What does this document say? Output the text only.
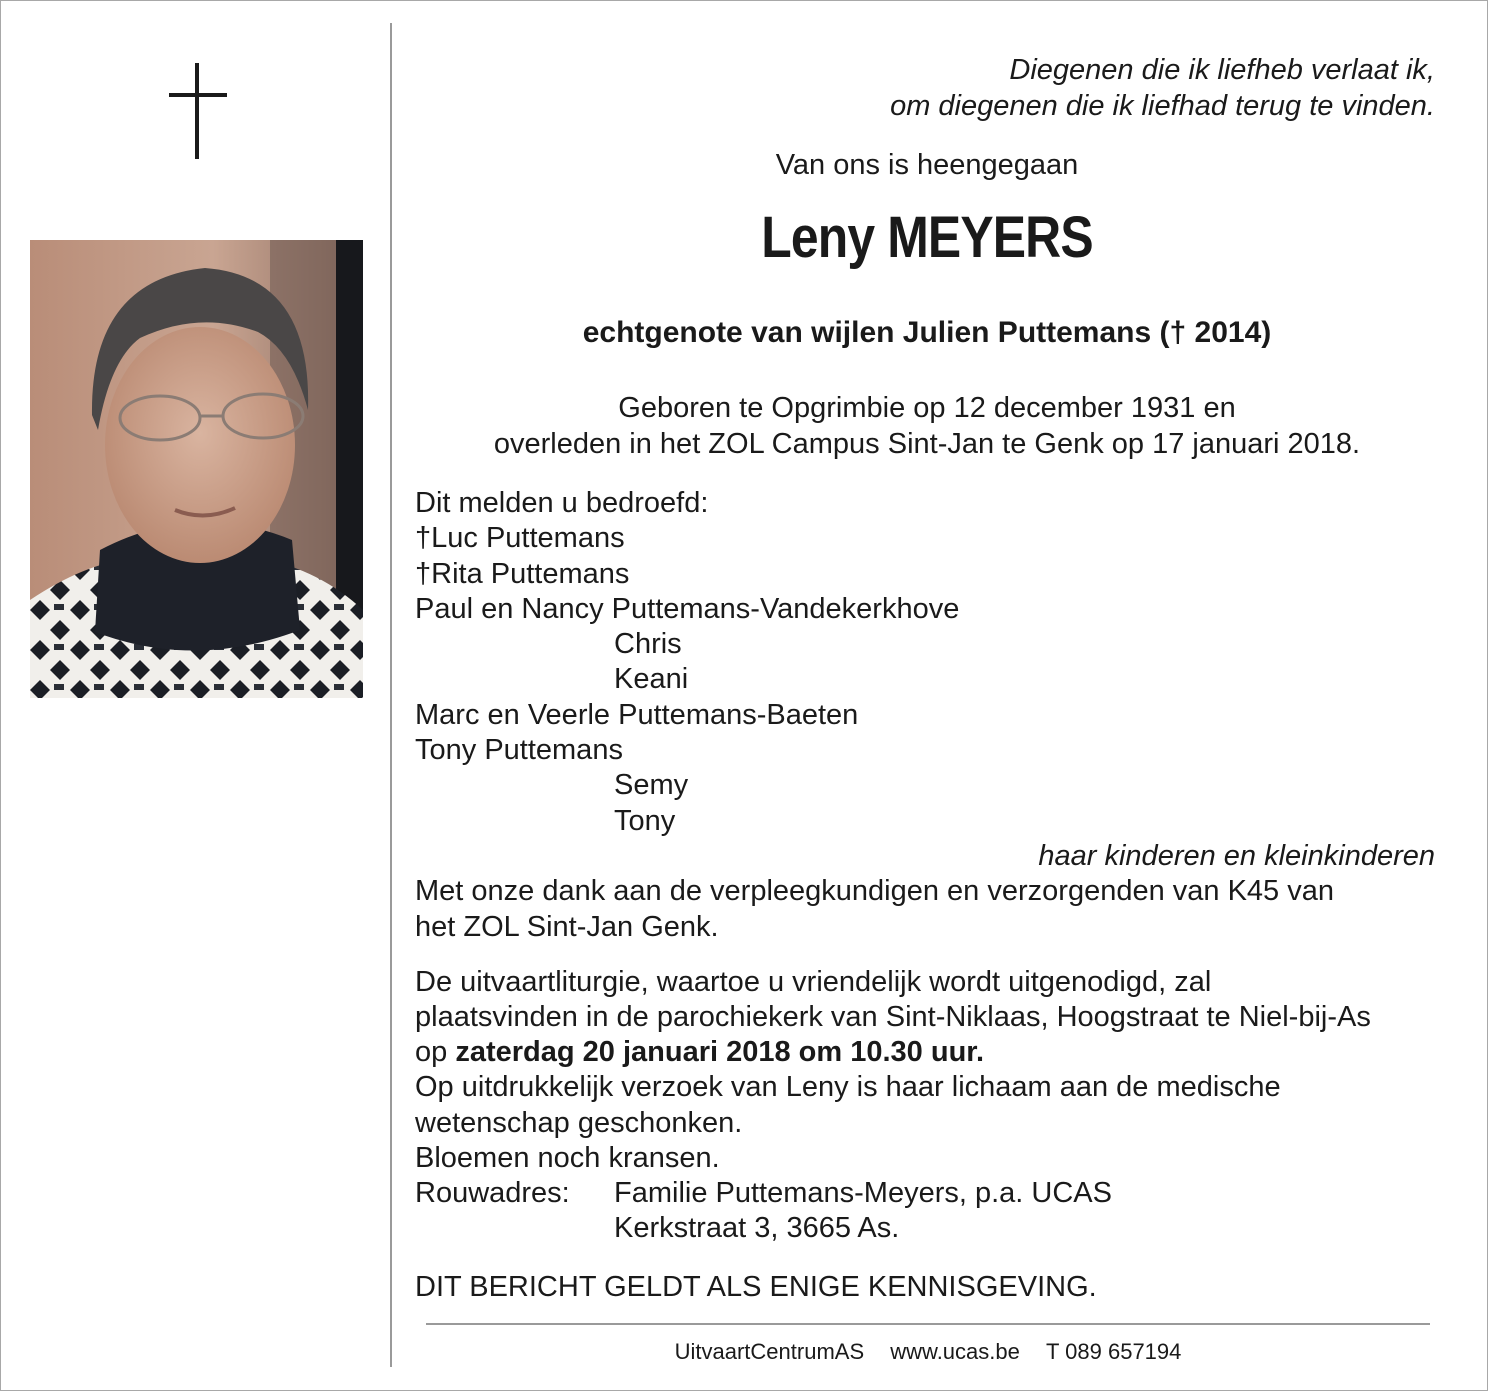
Diegenen die ik liefheb verlaat ik,

om diegenen die ik liefhad terug te vinden.

Van ons is heengegaan

Leny MEYERS

echtgenote van wijlen Julien Puttemans († 2014)

Geboren te Opgrimbie op 12 december 1931 en

overleden in het ZOL Campus Sint-Jan te Genk op 17 januari 2018.

Dit melden u bedroefd:

†Luc Puttemans

†Rita Puttemans

Paul en Nancy Puttemans-Vandekerkhove

Chris

Keani

Marc en Veerle Puttemans-Baeten

Tony Puttemans

Semy

Tony

haar kinderen en kleinkinderen

Met onze dank aan de verpleegkundigen en verzorgenden van K45 van

het ZOL Sint-Jan Genk.

De uitvaartliturgie, waartoe u vriendelijk wordt uitgenodigd, zal

plaatsvinden in de parochiekerk van Sint-Niklaas, Hoogstraat te Niel-bij-As

op zaterdag 20 januari 2018 om 10.30 uur.

Op uitdrukkelijk verzoek van Leny is haar lichaam aan de medische

wetenschap geschonken.

Bloemen noch kransen.

Rouwadres: Familie Puttemans-Meyers, p.a. UCAS

Kerkstraat 3, 3665 As.

DIT BERICHT GELDT ALS ENIGE KENNISGEVING.

UitvaartCentrumAS www.ucas.be T 089 657194
